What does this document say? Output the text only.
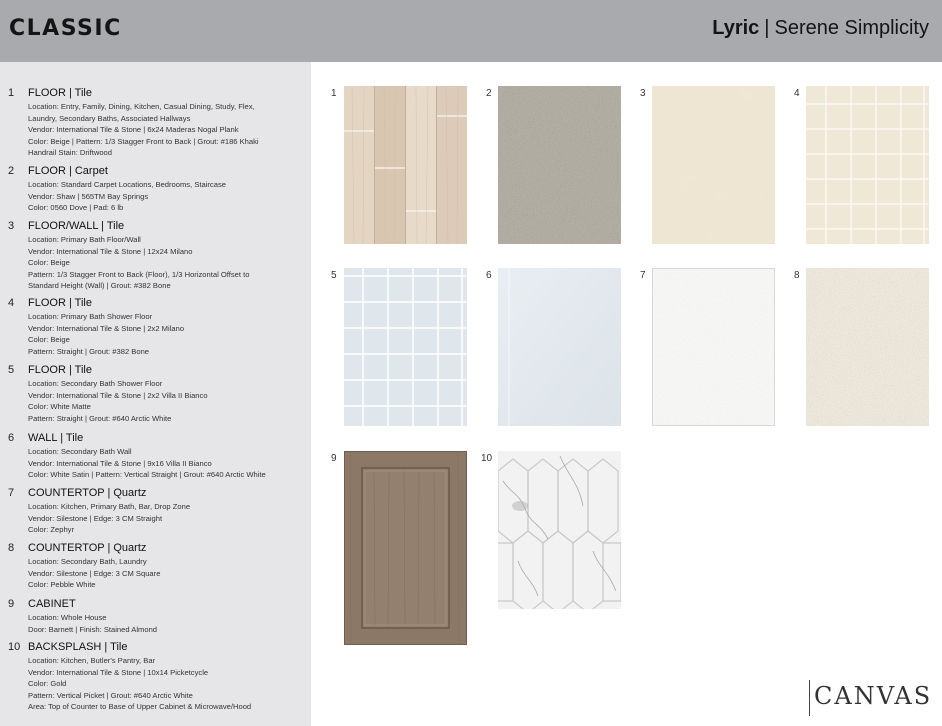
CLASSIC	Lyric | Serene Simplicity
1 FLOOR | Tile
Location: Entry, Family, Dining, Kitchen, Casual Dining, Study, Flex,
Laundry, Secondary Baths, Associated Hallways
Vendor: International Tile & Stone | 6x24 Maderas Nogal Plank
Color: Beige | Pattern: 1/3 Stagger Front to Back | Grout: #186 Khaki
Handrail Stain: Driftwood
2 FLOOR | Carpet
Location: Standard Carpet Locations, Bedrooms, Staircase
Vendor: Shaw | 565TM Bay Springs
Color: 0560 Dove | Pad: 6 lb
3 FLOOR/WALL | Tile
Location: Primary Bath Floor/Wall
Vendor: International Tile & Stone | 12x24 Milano
Color: Beige
Pattern: 1/3 Stagger Front to Back (Floor), 1/3 Horizontal Offset to
Standard Height (Wall) | Grout: #382 Bone
4 FLOOR | Tile
Location: Primary Bath Shower Floor
Vendor: International Tile & Stone | 2x2 Milano
Color: Beige
Pattern: Straight | Grout: #382 Bone
5 FLOOR | Tile
Location: Secondary Bath Shower Floor
Vendor: International Tile & Stone | 2x2 Villa II Bianco
Color: White Matte
Pattern: Straight | Grout: #640 Arctic White
6 WALL | Tile
Location: Secondary Bath Wall
Vendor: International Tile & Stone | 9x16 Villa II Bianco
Color: White Satin | Pattern: Vertical Straight | Grout: #640 Arctic White
7 COUNTERTOP | Quartz
Location: Kitchen, Primary Bath, Bar, Drop Zone
Vendor: Silestone | Edge: 3 CM Straight
Color: Zephyr
8 COUNTERTOP | Quartz
Location: Secondary Bath, Laundry
Vendor: Silestone | Edge: 3 CM Square
Color: Pebble White
9 CABINET
Location: Whole House
Door: Barnett | Finish: Stained Almond
10 BACKSPLASH | Tile
Location: Kitchen, Butler's Pantry, Bar
Vendor: International Tile & Stone | 10x14 Picketcycle
Color: Gold
Pattern: Vertical Picket | Grout: #640 Arctic White
Area: Top of Counter to Base of Upper Cabinet & Microwave/Hood
1	2	3	4
5	6	7	8
9	10
CANVAS
